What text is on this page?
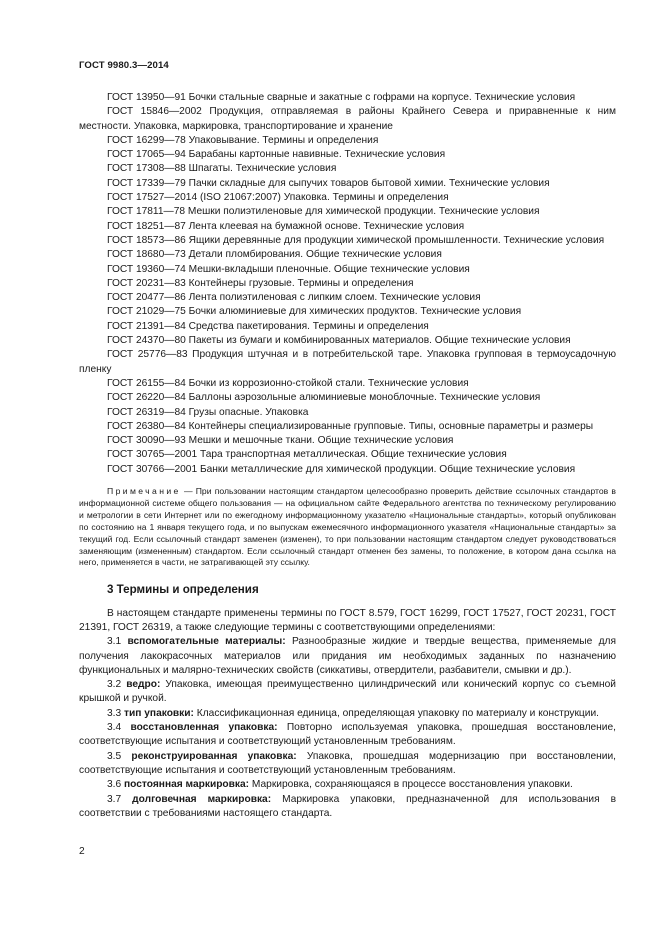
ГОСТ 9980.3—2014

ГОСТ 13950—91 Бочки стальные сварные и закатные с гофрами на корпусе. Технические условия

ГОСТ 15846—2002 Продукция, отправляемая в районы Крайнего Севера и приравненные к ним местности. Упаковка, маркировка, транспортирование и хранение

ГОСТ 16299—78 Упаковывание. Термины и определения

ГОСТ 17065—94 Барабаны картонные навивные. Технические условия

ГОСТ 17308—88 Шпагаты. Технические условия

ГОСТ 17339—79 Пачки складные для сыпучих товаров бытовой химии. Технические условия

ГОСТ 17527—2014 (ISO 21067:2007) Упаковка. Термины и определения

ГОСТ 17811—78 Мешки полиэтиленовые для химической продукции. Технические условия

ГОСТ 18251—87 Лента клеевая на бумажной основе. Технические условия

ГОСТ 18573—86 Ящики деревянные для продукции химической промышленности. Технические условия

ГОСТ 18680—73 Детали пломбирования. Общие технические условия

ГОСТ 19360—74 Мешки-вкладыши пленочные. Общие технические условия

ГОСТ 20231—83 Контейнеры грузовые. Термины и определения

ГОСТ 20477—86 Лента полиэтиленовая с липким слоем. Технические условия

ГОСТ 21029—75 Бочки алюминиевые для химических продуктов. Технические условия

ГОСТ 21391—84 Средства пакетирования. Термины и определения

ГОСТ 24370—80 Пакеты из бумаги и комбинированных материалов. Общие технические условия

ГОСТ 25776—83 Продукция штучная и в потребительской таре. Упаковка групповая в термоусадочную пленку

ГОСТ 26155—84 Бочки из коррозионно-стойкой стали. Технические условия

ГОСТ 26220—84 Баллоны аэрозольные алюминиевые моноблочные. Технические условия

ГОСТ 26319—84 Грузы опасные. Упаковка

ГОСТ 26380—84 Контейнеры специализированные групповые. Типы, основные параметры и размеры

ГОСТ 30090—93 Мешки и мешочные ткани. Общие технические условия

ГОСТ 30765—2001 Тара транспортная металлическая. Общие технические условия

ГОСТ 30766—2001 Банки металлические для химической продукции. Общие технические условия

Примечание — При пользовании настоящим стандартом целесообразно проверить действие ссылочных стандартов в информационной системе общего пользования — на официальном сайте Федерального агентства по техническому регулированию и метрологии в сети Интернет или по ежегодному информационному указателю «Национальные стандарты», который опубликован по состоянию на 1 января текущего года, и по выпускам ежемесячного информационного указателя «Национальные стандарты» за текущий год. Если ссылочный стандарт заменен (изменен), то при пользовании настоящим стандартом следует руководствоваться заменяющим (измененным) стандартом. Если ссылочный стандарт отменен без замены, то положение, в котором дана ссылка на него, применяется в части, не затрагивающей эту ссылку.

3 Термины и определения

В настоящем стандарте применены термины по ГОСТ 8.579, ГОСТ 16299, ГОСТ 17527, ГОСТ 20231, ГОСТ 21391, ГОСТ 26319, а также следующие термины с соответствующими определениями:

3.1 вспомогательные материалы: Разнообразные жидкие и твердые вещества, применяемые для получения лакокрасочных материалов или придания им необходимых заданных по назначению функциональных и малярно-технических свойств (сиккативы, отвердители, разбавители, смывки и др.).

3.2 ведро: Упаковка, имеющая преимущественно цилиндрический или конический корпус со съемной крышкой и ручкой.

3.3 тип упаковки: Классификационная единица, определяющая упаковку по материалу и конструкции.

3.4 восстановленная упаковка: Повторно используемая упаковка, прошедшая восстановление, соответствующие испытания и соответствующий установленным требованиям.

3.5 реконструированная упаковка: Упаковка, прошедшая модернизацию при восстановлении, соответствующие испытания и соответствующий установленным требованиям.

3.6 постоянная маркировка: Маркировка, сохраняющаяся в процессе восстановления упаковки.

3.7 долговечная маркировка: Маркировка упаковки, предназначенной для использования в соответствии с требованиями настоящего стандарта.

2
